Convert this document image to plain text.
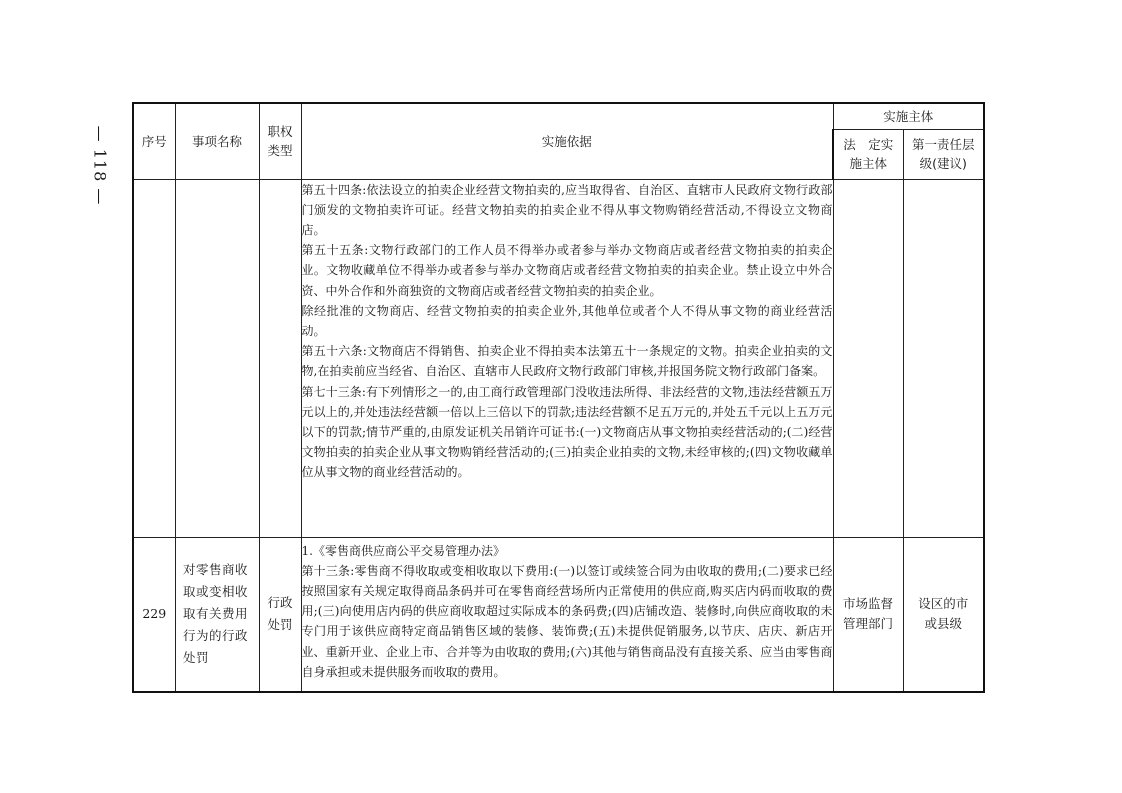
— 118 —	序号	事项名称	职权类型	实施依据	实施主体	
				法　定实施主体	第一责任层级(建议)

			第五十四条:依法设立的拍卖企业经营文物拍卖的,应当取得省、自治区、直辖市人民政府文物行政部门颁发的文物拍卖许可证。经营文物拍卖的拍卖企业不得从事文物购销经营活动,不得设立文物商店。

第五十五条:文物行政部门的工作人员不得举办或者参与举办文物商店或者经营文物拍卖的拍卖企业。文物收藏单位不得举办或者参与举办文物商店或者经营文物拍卖的拍卖企业。禁止设立中外合资、中外合作和外商独资的文物商店或者经营文物拍卖的拍卖企业。

除经批准的文物商店、经营文物拍卖的拍卖企业外,其他单位或者个人不得从事文物的商业经营活动。

第五十六条:文物商店不得销售、拍卖企业不得拍卖本法第五十一条规定的文物。拍卖企业拍卖的文物,在拍卖前应当经省、自治区、直辖市人民政府文物行政部门审核,并报国务院文物行政部门备案。

第七十三条:有下列情形之一的,由工商行政管理部门没收违法所得、非法经营的文物,违法经营额五万元以上的,并处违法经营额一倍以上三倍以下的罚款;违法经营额不足五万元的,并处五千元以上五万元以下的罚款;情节严重的,由原发证机关吊销许可证书:(一)文物商店从事文物拍卖经营活动的;(二)经营文物拍卖的拍卖企业从事文物购销经营活动的;(三)拍卖企业拍卖的文物,未经审核的;(四)文物收藏单位从事文物的商业经营活动的。		

229	对零售商收取或变相收取有关费用行为的行政处罚	行政处罚	1.《零售商供应商公平交易管理办法》

第十三条:零售商不得收取或变相收取以下费用:(一)以签订或续签合同为由收取的费用;(二)要求已经按照国家有关规定取得商品条码并可在零售商经营场所内正常使用的供应商,购买店内码而收取的费用;(三)向使用店内码的供应商收取超过实际成本的条码费;(四)店铺改造、装修时,向供应商收取的未专门用于该供应商特定商品销售区域的装修、装饰费;(五)未提供促销服务,以节庆、店庆、新店开业、重新开业、企业上市、合并等为由收取的费用;(六)其他与销售商品没有直接关系、应当由零售商自身承担或未提供服务而收取的费用。	市场监督管理部门	设区的市或县级
